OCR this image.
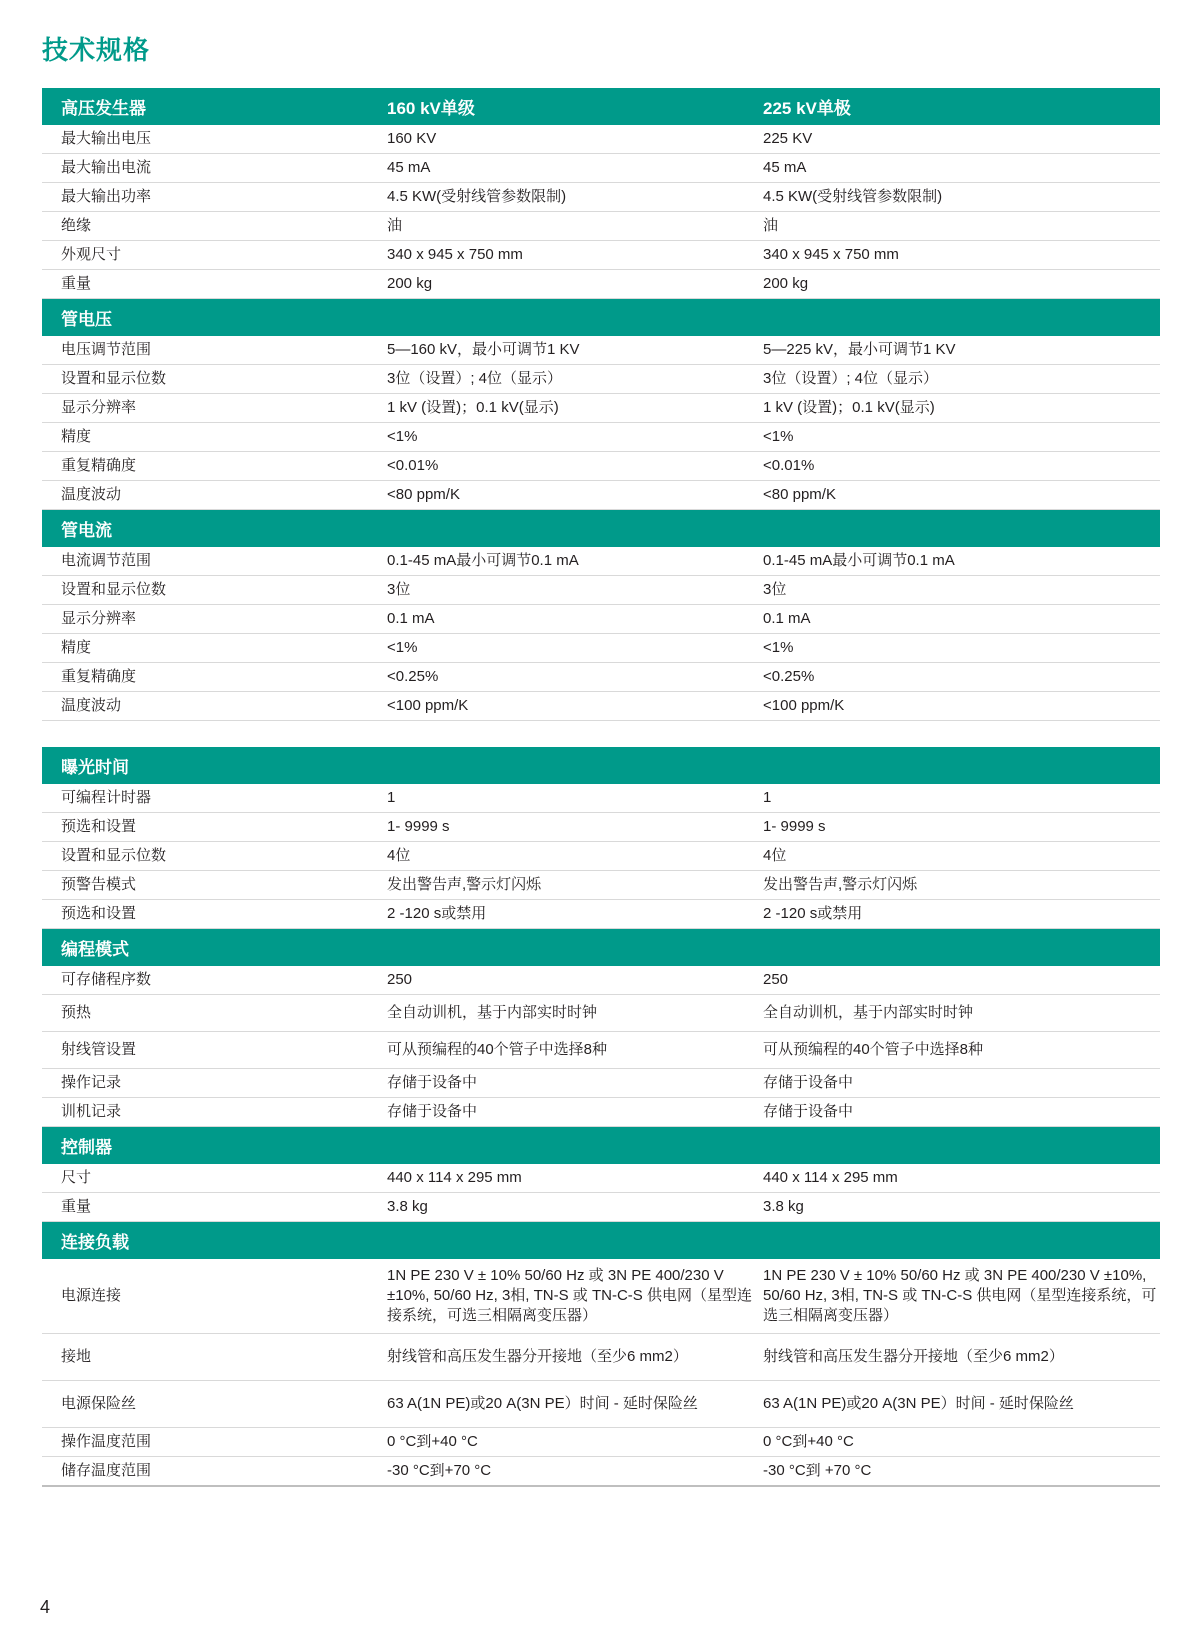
技术规格
高压发生器	160 kV单级	225 kV单极
最大输出电压	160 KV	225 KV
最大输出电流	45 mA	45 mA
最大输出功率	4.5 KW(受射线管参数限制)	4.5 KW(受射线管参数限制)
绝缘	油	油
外观尺寸	340 x 945 x 750 mm	340 x 945 x 750 mm
重量	200 kg	200 kg
管电压		
电压调节范围	5—160 kV，最小可调节1 KV	5—225 kV，最小可调节1 KV
设置和显示位数	3位（设置）; 4位（显示）	3位（设置）; 4位（显示）
显示分辨率	1 kV (设置)；0.1 kV(显示)	1 kV (设置)；0.1 kV(显示)
精度	<1%	<1%
重复精确度	<0.01%	<0.01%
温度波动	<80 ppm/K	<80 ppm/K
管电流		
电流调节范围	0.1-45 mA最小可调节0.1 mA	0.1-45 mA最小可调节0.1 mA
设置和显示位数	3位	3位
显示分辨率	0.1 mA	0.1 mA
精度	<1%	<1%
重复精确度	<0.25%	<0.25%
温度波动	<100 ppm/K	<100 ppm/K

曝光时间		
可编程计时器	1	1
预选和设置	1- 9999 s	1- 9999 s
设置和显示位数	4位	4位
预警告模式	发出警告声,警示灯闪烁	发出警告声,警示灯闪烁
预选和设置	2 -120 s或禁用	2 -120 s或禁用
编程模式		
可存储程序数	250	250
预热	全自动训机，基于内部实时时钟	全自动训机，基于内部实时时钟
射线管设置	可从预编程的40个管子中选择8种	可从预编程的40个管子中选择8种
操作记录	存储于设备中	存储于设备中
训机记录	存储于设备中	存储于设备中
控制器		
尺寸	440 x 114 x 295 mm	440 x 114 x 295 mm
重量	3.8 kg	3.8 kg
连接负载		
电源连接	1N PE 230 V ± 10% 50/60 Hz 或 3N PE 400/230 V ±10%, 50/60 Hz, 3相, TN-S 或 TN-C-S 供电网（星型连接系统，可选三相隔离变压器）	1N PE 230 V ± 10% 50/60 Hz 或 3N PE 400/230 V ±10%, 50/60 Hz, 3相, TN-S 或 TN-C-S 供电网（星型连接系统，可选三相隔离变压器）
接地	射线管和高压发生器分开接地（至少6 mm2）	射线管和高压发生器分开接地（至少6 mm2）
电源保险丝	63 A(1N PE)或20 A(3N PE）时间 - 延时保险丝	63 A(1N PE)或20 A(3N PE）时间 - 延时保险丝
操作温度范围	0 °C到+40 °C	0 °C到+40 °C
储存温度范围	-30 °C到+70 °C	-30 °C到 +70 °C
4
